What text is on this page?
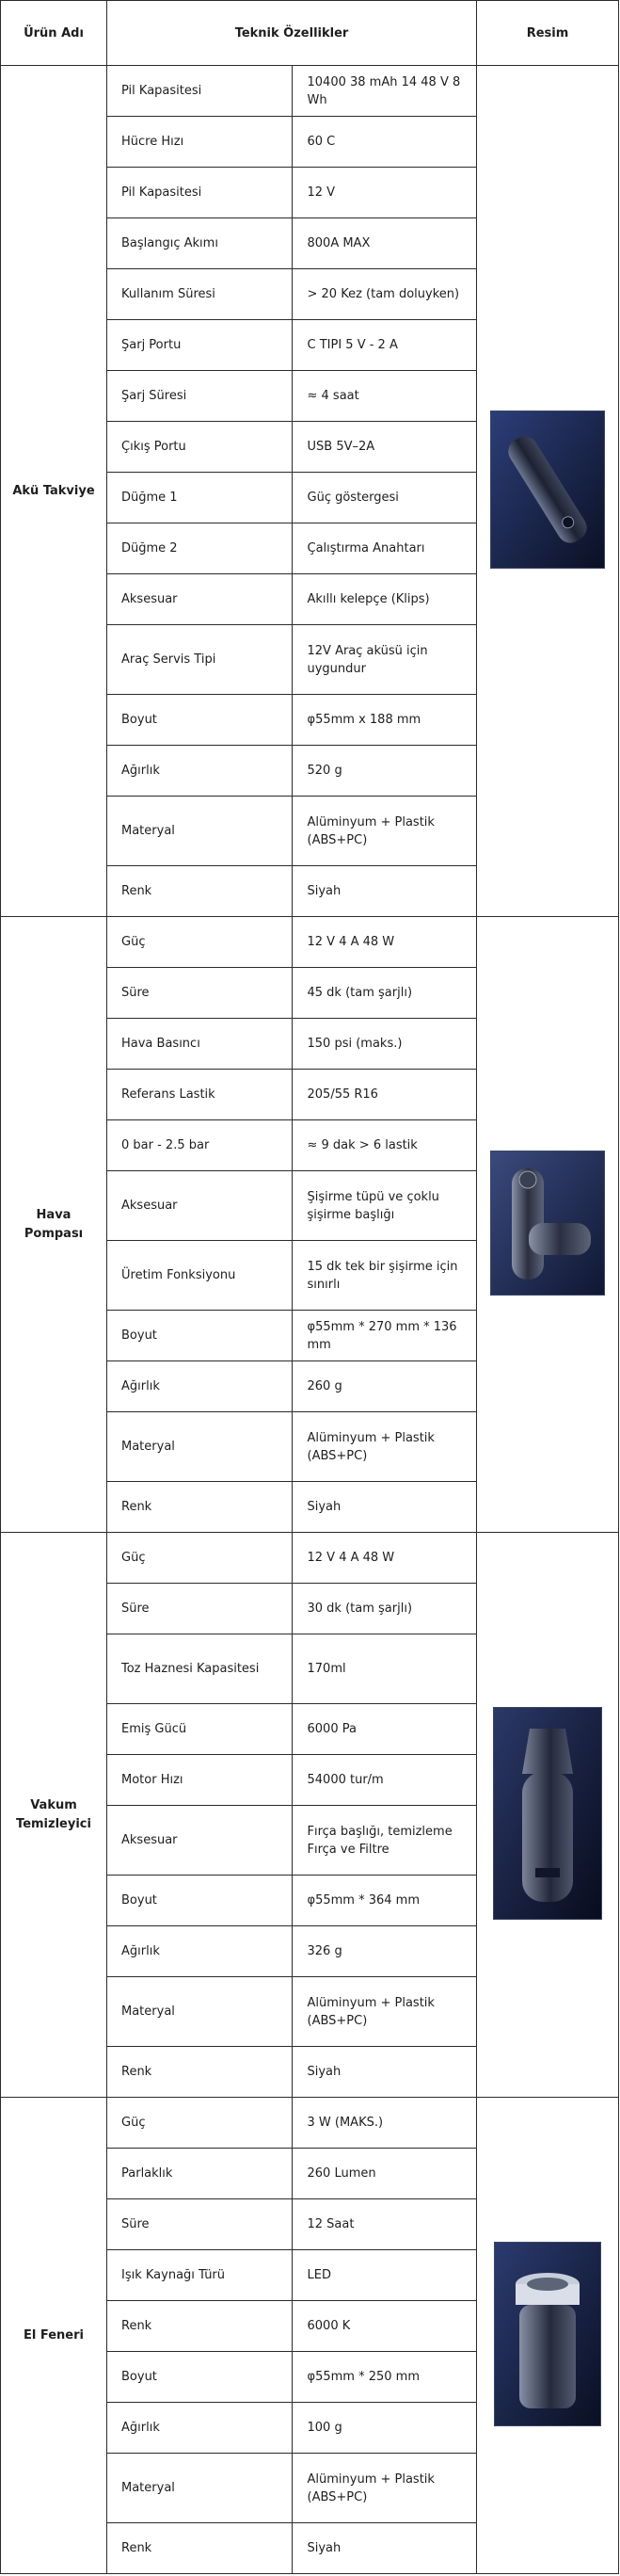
Ürün Adı	Teknik Özellikler		Resim
Akü Takviye	Pil Kapasitesi	10400 38 mAh 14 48 V 8 Wh	

	Hücre Hızı	60 C	
	Pil Kapasitesi	12 V	
	Başlangıç Akımı	800A MAX	
	Kullanım Süresi	> 20 Kez (tam doluyken)	
	Şarj Portu	C TIPI 5 V - 2 A	
	Şarj Süresi	≈ 4 saat	
	Çıkış Portu	USB 5V–2A	
	Düğme 1	Güç göstergesi	
	Düğme 2	Çalıştırma Anahtarı	
	Aksesuar	Akıllı kelepçe (Klips)	
	Araç Servis Tipi	12V Araç aküsü için uygundur	
	Boyut	φ55mm x 188 mm	
	Ağırlık	520 g	
	Materyal	Alüminyum + Plastik (ABS+PC)	
	Renk	Siyah	
Hava Pompası	Güç	12 V 4 A 48 W	

	Süre	45 dk (tam şarjlı)	
	Hava Basıncı	150 psi (maks.)	
	Referans Lastik	205/55 R16	
	0 bar - 2.5 bar	≈ 9 dak > 6 lastik	
	Aksesuar	Şişirme tüpü ve çoklu şişirme başlığı	
	Üretim Fonksiyonu	15 dk tek bir şişirme için sınırlı	
	Boyut	φ55mm * 270 mm * 136 mm	
	Ağırlık	260 g	
	Materyal	Alüminyum + Plastik (ABS+PC)	
	Renk	Siyah	
Vakum Temizleyici	Güç	12 V 4 A 48 W	

	Süre	30 dk (tam şarjlı)	
	Toz Haznesi Kapasitesi	170ml	
	Emiş Gücü	6000 Pa	
	Motor Hızı	54000 tur/m	
	Aksesuar	Fırça başlığı, temizleme Fırça ve Filtre	
	Boyut	φ55mm * 364 mm	
	Ağırlık	326 g	
	Materyal	Alüminyum + Plastik (ABS+PC)	
	Renk	Siyah	
El Feneri	Güç	3 W (MAKS.)	

	Parlaklık	260 Lumen	
	Süre	12 Saat	
	Işık Kaynağı Türü	LED	
	Renk	6000 K	
	Boyut	φ55mm * 250 mm	
	Ağırlık	100 g	
	Materyal	Alüminyum + Plastik (ABS+PC)	
	Renk	Siyah	
